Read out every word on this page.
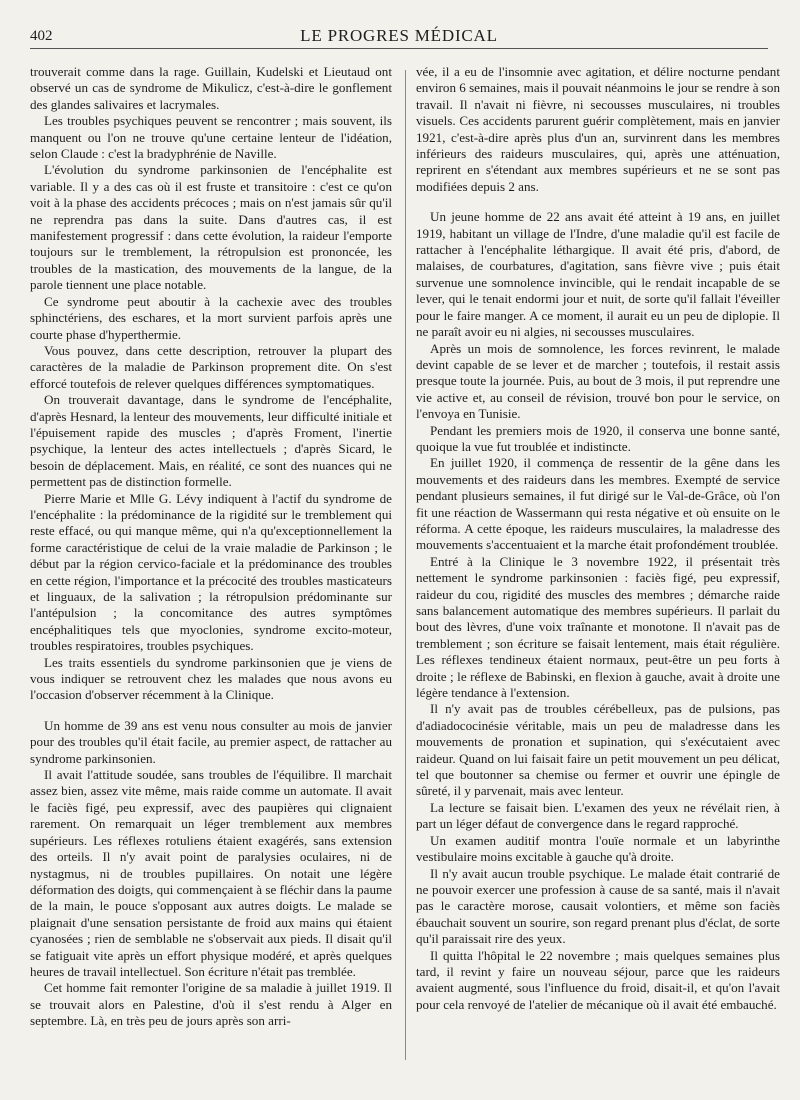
402	LE PROGRES MÉDICAL

trouverait comme dans la rage. Guillain, Kudelski et Lieutaud ont observé un cas de syndrome de Mikulicz, c'est-à-dire le gonflement des glandes salivaires et lacrymales.

Les troubles psychiques peuvent se rencontrer ; mais souvent, ils manquent ou l'on ne trouve qu'une certaine lenteur de l'idéation, selon Claude : c'est la bradyphrénie de Naville.

L'évolution du syndrome parkinsonien de l'encéphalite est variable. Il y a des cas où il est fruste et transitoire : c'est ce qu'on voit à la phase des accidents précoces ; mais on n'est jamais sûr qu'il ne reprendra pas dans la suite. Dans d'autres cas, il est manifestement progressif : dans cette évolution, la raideur l'emporte toujours sur le tremblement, la rétropulsion est prononcée, les troubles de la mastication, des mouvements de la langue, de la parole tiennent une place notable.

Ce syndrome peut aboutir à la cachexie avec des troubles sphinctériens, des eschares, et la mort survient parfois après une courte phase d'hyperthermie.

Vous pouvez, dans cette description, retrouver la plupart des caractères de la maladie de Parkinson proprement dite. On s'est efforcé toutefois de relever quelques différences symptomatiques.

On trouverait davantage, dans le syndrome de l'encéphalite, d'après Hesnard, la lenteur des mouvements, leur difficulté initiale et l'épuisement rapide des muscles ; d'après Froment, l'inertie psychique, la lenteur des actes intellectuels ; d'après Sicard, le besoin de déplacement. Mais, en réalité, ce sont des nuances qui ne permettent pas de distinction formelle.

Pierre Marie et Mlle G. Lévy indiquent à l'actif du syndrome de l'encéphalite : la prédominance de la rigidité sur le tremblement qui reste effacé, ou qui manque même, qui n'a qu'exceptionnellement la forme caractéristique de celui de la vraie maladie de Parkinson ; le début par la région cervico-faciale et la prédominance des troubles en cette région, l'importance et la précocité des troubles masticateurs et linguaux, de la salivation ; la rétropulsion prédominante sur l'antépulsion ; la concomitance des autres symptômes encéphalitiques tels que myoclonies, syndrome excito-moteur, troubles respiratoires, troubles psychiques.

Les traits essentiels du syndrome parkinsonien que je viens de vous indiquer se retrouvent chez les malades que nous avons eu l'occasion d'observer récemment à la Clinique.

Un homme de 39 ans est venu nous consulter au mois de janvier pour des troubles qu'il était facile, au premier aspect, de rattacher au syndrome parkinsonien.

Il avait l'attitude soudée, sans troubles de l'équilibre. Il marchait assez bien, assez vite même, mais raide comme un automate. Il avait le faciès figé, peu expressif, avec des paupières qui clignaient rarement. On remarquait un léger tremblement aux membres supérieurs. Les réflexes rotuliens étaient exagérés, sans extension des orteils. Il n'y avait point de paralysies oculaires, ni de nystagmus, ni de troubles pupillaires. On notait une légère déformation des doigts, qui commençaient à se fléchir dans la paume de la main, le pouce s'opposant aux autres doigts. Le malade se plaignait d'une sensation persistante de froid aux mains qui étaient cyanosées ; rien de semblable ne s'observait aux pieds. Il disait qu'il se fatiguait vite après un effort physique modéré, et après quelques heures de travail intellectuel. Son écriture n'était pas tremblée.

Cet homme fait remonter l'origine de sa maladie à juillet 1919. Il se trouvait alors en Palestine, d'où il s'est rendu à Alger en septembre. Là, en très peu de jours après son arri-

vée, il a eu de l'insomnie avec agitation, et délire nocturne pendant environ 6 semaines, mais il pouvait néanmoins le jour se rendre à son travail. Il n'avait ni fièvre, ni secousses musculaires, ni troubles visuels. Ces accidents parurent guérir complètement, mais en janvier 1921, c'est-à-dire après plus d'un an, survinrent dans les membres inférieurs des raideurs musculaires, qui, après une atténuation, reprirent en s'étendant aux membres supérieurs et ne se sont pas modifiées depuis 2 ans.

Un jeune homme de 22 ans avait été atteint à 19 ans, en juillet 1919, habitant un village de l'Indre, d'une maladie qu'il est facile de rattacher à l'encéphalite léthargique. Il avait été pris, d'abord, de malaises, de courbatures, d'agitation, sans fièvre vive ; puis était survenue une somnolence invincible, qui le rendait incapable de se lever, qui le tenait endormi jour et nuit, de sorte qu'il fallait l'éveiller pour le faire manger. A ce moment, il aurait eu un peu de diplopie. Il ne paraît avoir eu ni algies, ni secousses musculaires.

Après un mois de somnolence, les forces revinrent, le malade devint capable de se lever et de marcher ; toutefois, il restait assis presque toute la journée. Puis, au bout de 3 mois, il put reprendre une vie active et, au conseil de révision, trouvé bon pour le service, on l'envoya en Tunisie.

Pendant les premiers mois de 1920, il conserva une bonne santé, quoique la vue fut troublée et indistincte.

En juillet 1920, il commença de ressentir de la gêne dans les mouvements et des raideurs dans les membres. Exempté de service pendant plusieurs semaines, il fut dirigé sur le Val-de-Grâce, où l'on fit une réaction de Wassermann qui resta négative et où ensuite on le réforma. A cette époque, les raideurs musculaires, la maladresse des mouvements s'accentuaient et la marche était profondément troublée.

Entré à la Clinique le 3 novembre 1922, il présentait très nettement le syndrome parkinsonien : faciès figé, peu expressif, raideur du cou, rigidité des muscles des membres ; démarche raide sans balancement automatique des membres supérieurs. Il parlait du bout des lèvres, d'une voix traînante et monotone. Il n'avait pas de tremblement ; son écriture se faisait lentement, mais était régulière. Les réflexes tendineux étaient normaux, peut-être un peu forts à droite ; le réflexe de Babinski, en flexion à gauche, avait à droite une légère tendance à l'extension.

Il n'y avait pas de troubles cérébelleux, pas de pulsions, pas d'adiadococinésie véritable, mais un peu de maladresse dans les mouvements de pronation et supination, qui s'exécutaient avec raideur. Quand on lui faisait faire un petit mouvement un peu délicat, tel que boutonner sa chemise ou fermer et ouvrir une épingle de sûreté, il y parvenait, mais avec lenteur.

La lecture se faisait bien. L'examen des yeux ne révélait rien, à part un léger défaut de convergence dans le regard rapproché.

Un examen auditif montra l'ouïe normale et un labyrinthe vestibulaire moins excitable à gauche qu'à droite.

Il n'y avait aucun trouble psychique. Le malade était contrarié de ne pouvoir exercer une profession à cause de sa santé, mais il n'avait pas le caractère morose, causait volontiers, et même son faciès ébauchait souvent un sourire, son regard prenant plus d'éclat, de sorte qu'il paraissait rire des yeux.

Il quitta l'hôpital le 22 novembre ; mais quelques semaines plus tard, il revint y faire un nouveau séjour, parce que les raideurs avaient augmenté, sous l'influence du froid, disait-il, et qu'on l'avait pour cela renvoyé de l'atelier de mécanique où il avait été embauché.
